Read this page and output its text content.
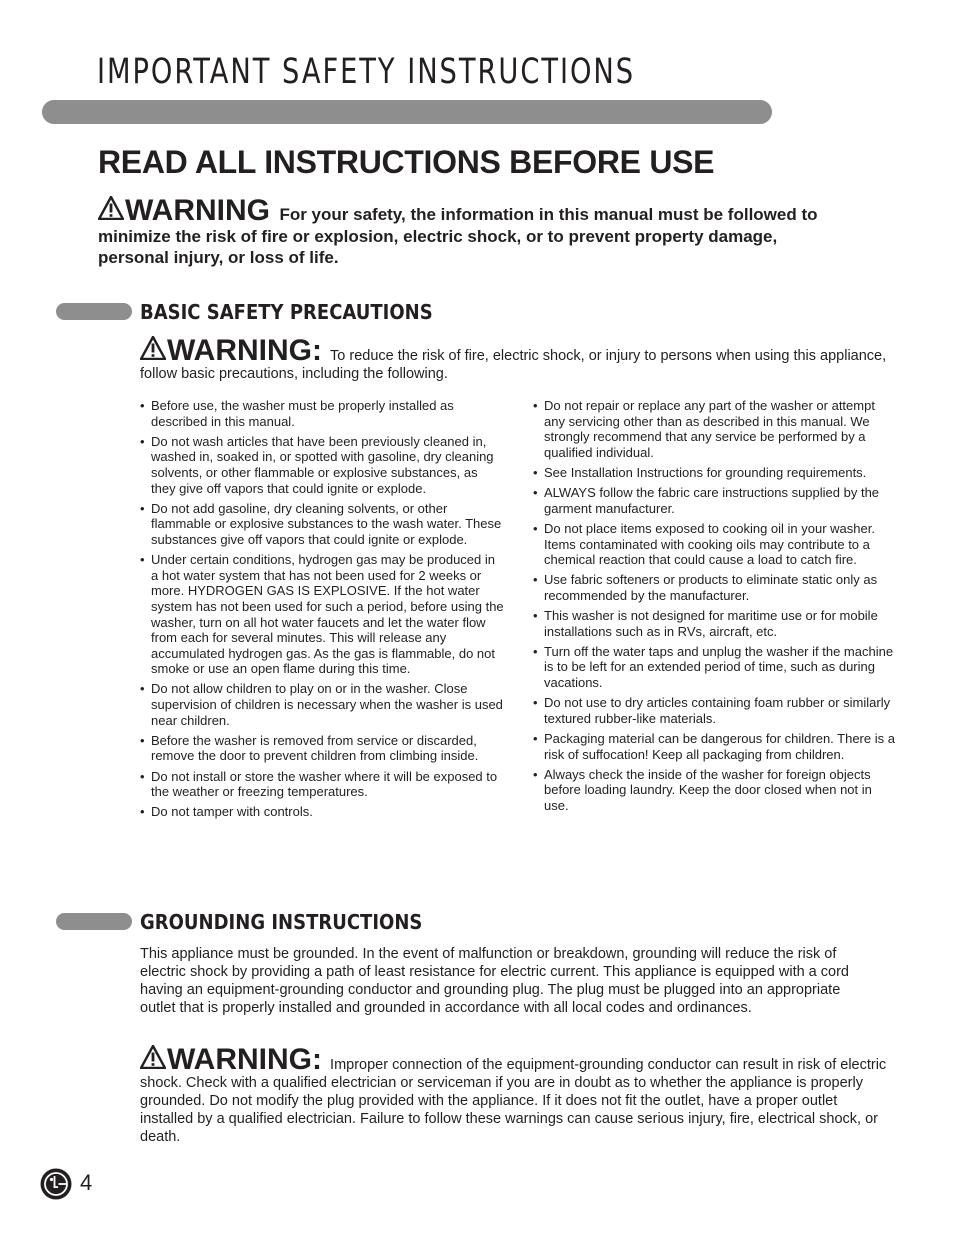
IMPORTANT SAFETY INSTRUCTIONS
READ ALL INSTRUCTIONS BEFORE USE
WARNING For your safety, the information in this manual must be followed to minimize the risk of fire or explosion, electric shock, or to prevent property damage, personal injury, or loss of life.
BASIC SAFETY PRECAUTIONS
WARNING: To reduce the risk of fire, electric shock, or injury to persons when using this appliance, follow basic precautions, including the following.
• Before use, the washer must be properly installed as described in this manual.
• Do not wash articles that have been previously cleaned in, washed in, soaked in, or spotted with gasoline, dry cleaning solvents, or other flammable or explosive substances, as they give off vapors that could ignite or explode.
• Do not add gasoline, dry cleaning solvents, or other flammable or explosive substances to the wash water. These substances give off vapors that could ignite or explode.
• Under certain conditions, hydrogen gas may be produced in a hot water system that has not been used for 2 weeks or more. HYDROGEN GAS IS EXPLOSIVE. If the hot water system has not been used for such a period, before using the washer, turn on all hot water faucets and let the water flow from each for several minutes. This will release any accumulated hydrogen gas. As the gas is flammable, do not smoke or use an open flame during this time.
• Do not allow children to play on or in the washer. Close supervision of children is necessary when the washer is used near children.
• Before the washer is removed from service or discarded, remove the door to prevent children from climbing inside.
• Do not install or store the washer where it will be exposed to the weather or freezing temperatures.
• Do not tamper with controls.
• Do not repair or replace any part of the washer or attempt any servicing other than as described in this manual. We strongly recommend that any service be performed by a qualified individual.
• See Installation Instructions for grounding requirements.
• ALWAYS follow the fabric care instructions supplied by the garment manufacturer.
• Do not place items exposed to cooking oil in your washer. Items contaminated with cooking oils may contribute to a chemical reaction that could cause a load to catch fire.
• Use fabric softeners or products to eliminate static only as recommended by the manufacturer.
• This washer is not designed for maritime use or for mobile installations such as in RVs, aircraft, etc.
• Turn off the water taps and unplug the washer if the machine is to be left for an extended period of time, such as during vacations.
• Do not use to dry articles containing foam rubber or similarly textured rubber-like materials.
• Packaging material can be dangerous for children. There is a risk of suffocation! Keep all packaging from children.
• Always check the inside of the washer for foreign objects before loading laundry. Keep the door closed when not in use.
GROUNDING INSTRUCTIONS
This appliance must be grounded. In the event of malfunction or breakdown, grounding will reduce the risk of electric shock by providing a path of least resistance for electric current. This appliance is equipped with a cord having an equipment-grounding conductor and grounding plug. The plug must be plugged into an appropriate outlet that is properly installed and grounded in accordance with all local codes and ordinances.
WARNING: Improper connection of the equipment-grounding conductor can result in risk of electric shock. Check with a qualified electrician or serviceman if you are in doubt as to whether the appliance is properly grounded. Do not modify the plug provided with the appliance. If it does not fit the outlet, have a proper outlet installed by a qualified electrician. Failure to follow these warnings can cause serious injury, fire, electrical shock, or death.
4
